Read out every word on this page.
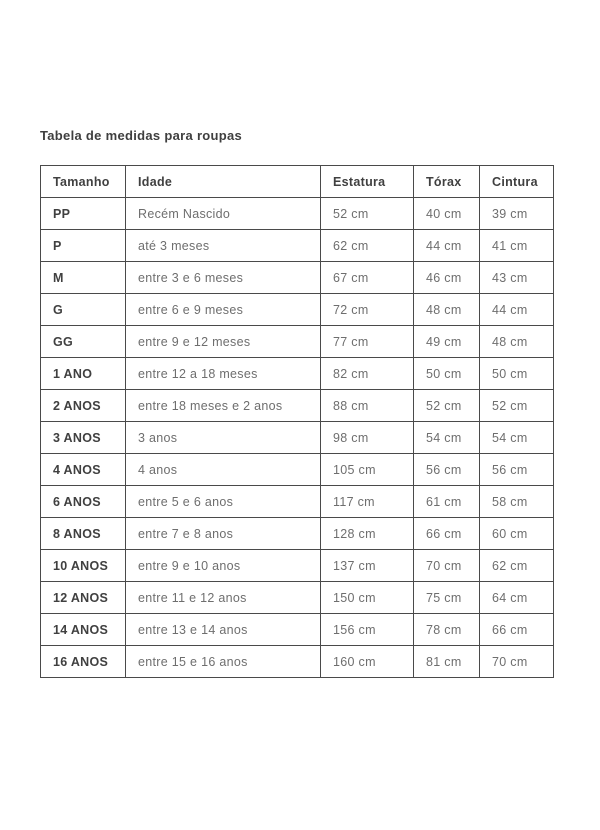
Tabela de medidas para roupas
Tamanho	Idade	Estatura	Tórax	Cintura
PP	Recém Nascido	52 cm	40 cm	39 cm
P	até 3 meses	62 cm	44 cm	41 cm
M	entre 3 e 6 meses	67 cm	46 cm	43 cm
G	entre 6 e 9 meses	72 cm	48 cm	44 cm
GG	entre 9 e 12 meses	77 cm	49 cm	48 cm
1 ANO	entre 12 a 18 meses	82 cm	50 cm	50 cm
2 ANOS	entre 18 meses e 2 anos	88 cm	52 cm	52 cm
3 ANOS	3 anos	98 cm	54 cm	54 cm
4 ANOS	4 anos	105 cm	56 cm	56 cm
6 ANOS	entre 5 e 6 anos	117 cm	61 cm	58 cm
8 ANOS	entre 7 e 8 anos	128 cm	66 cm	60 cm
10 ANOS	entre 9 e 10 anos	137 cm	70 cm	62 cm
12 ANOS	entre 11 e 12 anos	150 cm	75 cm	64 cm
14 ANOS	entre 13 e 14 anos	156 cm	78 cm	66 cm
16 ANOS	entre 15 e 16 anos	160 cm	81 cm	70 cm
